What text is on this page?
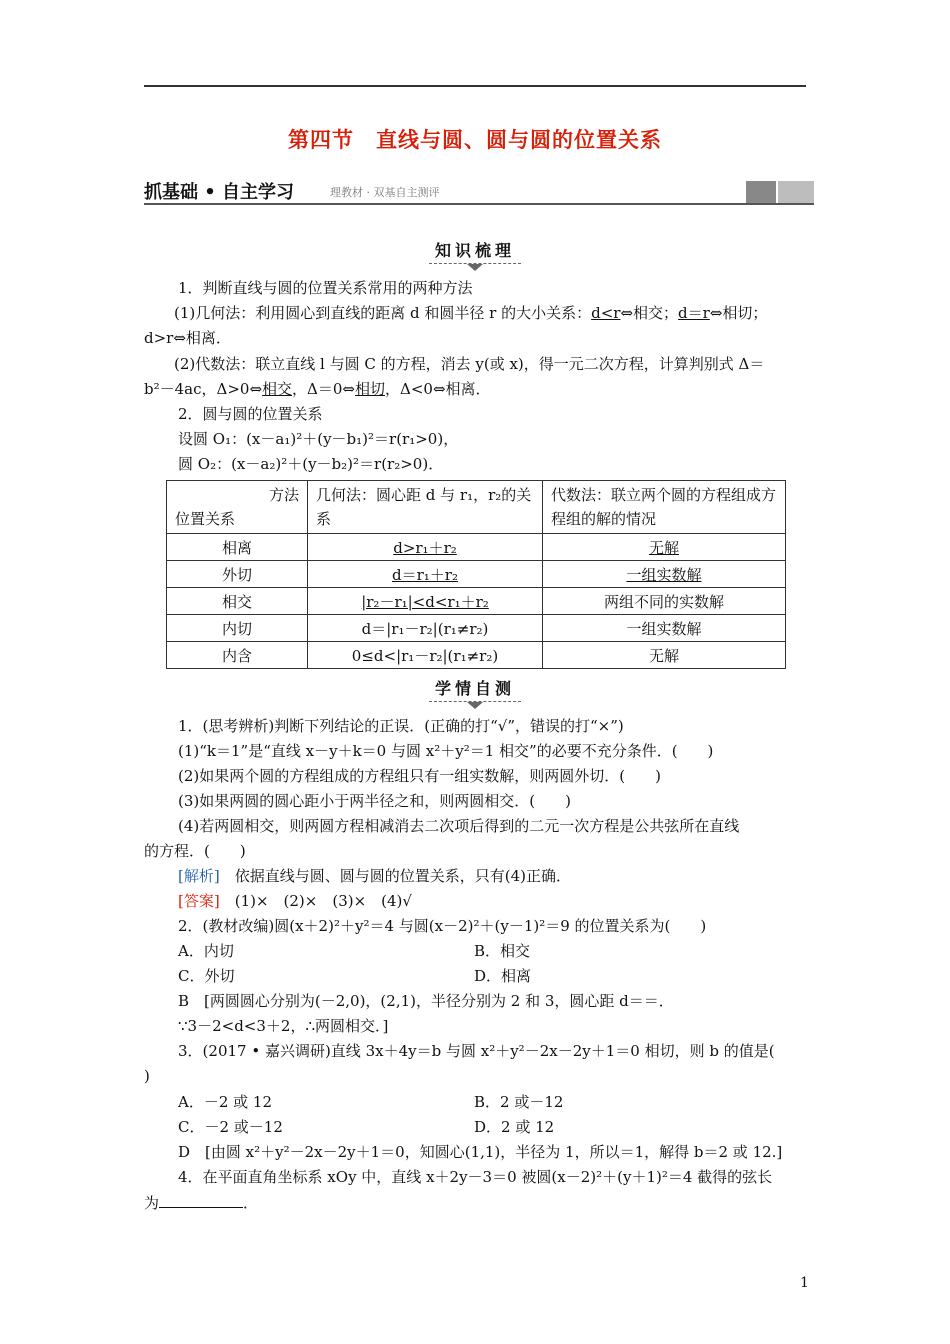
第四节　直线与圆、圆与圆的位置关系
抓基础 • 自主学习	理教材 · 双基自主测评
知识梳理
1．判断直线与圆的位置关系常用的两种方法
(1)几何法：利用圆心到直线的距离 d 和圆半径 r 的大小关系：d<r⇔相交；d＝r⇔相切；
d>r⇔相离．
(2)代数法：联立直线 l 与圆 C 的方程，消去 y(或 x)，得一元二次方程，计算判别式 Δ＝
b²－4ac，Δ>0⇔相交，Δ＝0⇔相切，Δ<0⇔相离．
2．圆与圆的位置关系
设圆 O₁：(x－a₁)²＋(y－b₁)²＝r(r₁>0)，
圆 O₂：(x－a₂)²＋(y－b₂)²＝r(r₂>0)．
方法
位置关系	几何法：圆心距 d 与 r₁，r₂的关系	代数法：联立两个圆的方程组成方程组的解的情况
相离	d>r₁＋r₂	无解
外切	d＝r₁＋r₂	一组实数解
相交	|r₂－r₁|<d<r₁＋r₂	两组不同的实数解
内切	d＝|r₁－r₂|(r₁≠r₂)	一组实数解
内含	0≤d<|r₁－r₂|(r₁≠r₂)	无解
学情自测
1．(思考辨析)判断下列结论的正误．(正确的打“√”，错误的打“×”)
(1)“k＝1”是“直线 x－y＋k＝0 与圆 x²＋y²＝1 相交”的必要不充分条件．(　　)
(2)如果两个圆的方程组成的方程组只有一组实数解，则两圆外切．(　　)
(3)如果两圆的圆心距小于两半径之和，则两圆相交．(　　)
(4)若两圆相交，则两圆方程相减消去二次项后得到的二元一次方程是公共弦所在直线
的方程．(　　)
[解析]　依据直线与圆、圆与圆的位置关系，只有(4)正确．
[答案]　(1)×　(2)×　(3)×　(4)√
2．(教材改编)圆(x＋2)²＋y²＝4 与圆(x－2)²＋(y－1)²＝9 的位置关系为(　　)
A．内切	B．相交
C．外切	D．相离
B　[两圆圆心分别为(－2,0)，(2,1)，半径分别为 2 和 3，圆心距 d＝＝．
∵3－2<d<3＋2，∴两圆相交．]
3．(2017 • 嘉兴调研)直线 3x＋4y＝b 与圆 x²＋y²－2x－2y＋1＝0 相切，则 b 的值是(
)
A．－2 或 12	B．2 或－12
C．－2 或－12	D．2 或 12
D　[由圆 x²＋y²－2x－2y＋1＝0，知圆心(1,1)，半径为 1，所以＝1，解得 b＝2 或 12.]
4．在平面直角坐标系 xOy 中，直线 x＋2y－3＝0 被圆(x－2)²＋(y＋1)²＝4 截得的弦长
为	．
1
